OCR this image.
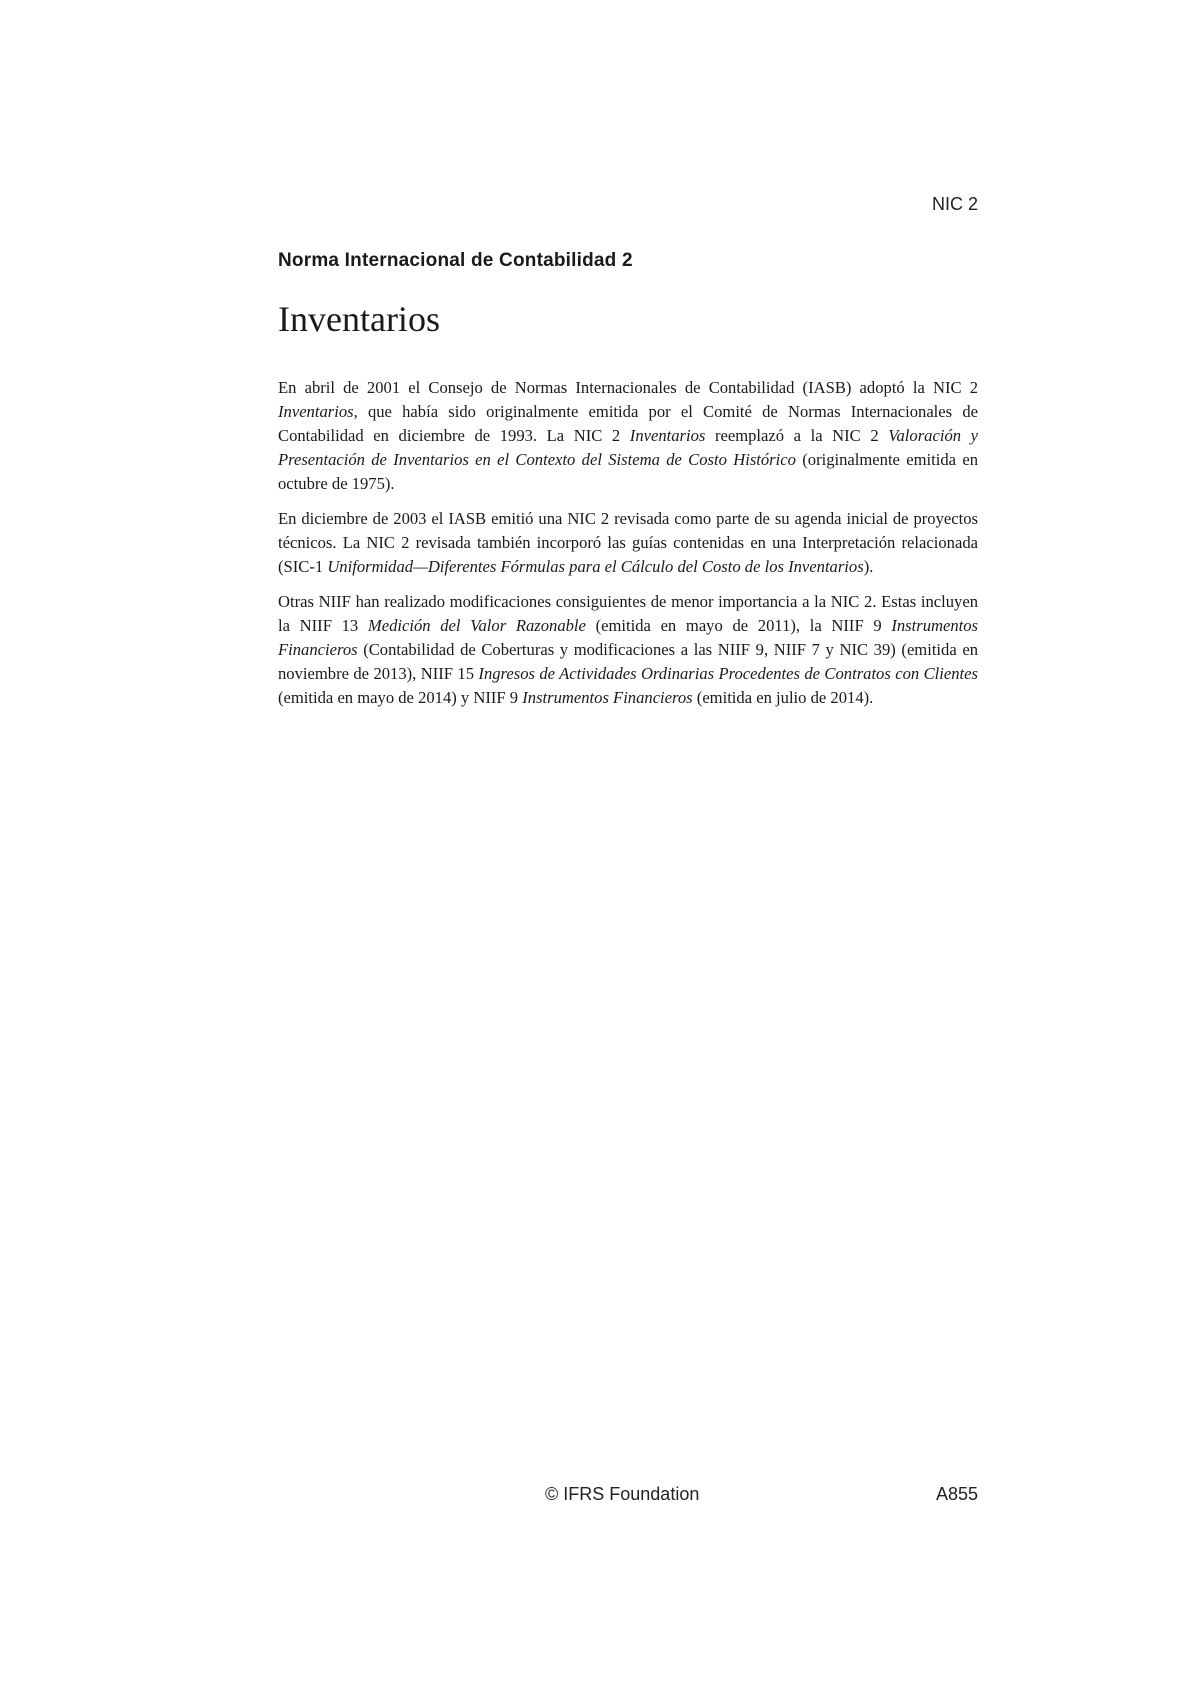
NIC 2
Norma Internacional de Contabilidad 2
Inventarios

En abril de 2001 el Consejo de Normas Internacionales de Contabilidad (IASB) adoptó la NIC 2 Inventarios, que había sido originalmente emitida por el Comité de Normas Internacionales de Contabilidad en diciembre de 1993. La NIC 2 Inventarios reemplazó a la NIC 2 Valoración y Presentación de Inventarios en el Contexto del Sistema de Costo Histórico (originalmente emitida en octubre de 1975).

En diciembre de 2003 el IASB emitió una NIC 2 revisada como parte de su agenda inicial de proyectos técnicos. La NIC 2 revisada también incorporó las guías contenidas en una Interpretación relacionada (SIC-1 Uniformidad—Diferentes Fórmulas para el Cálculo del Costo de los Inventarios).

Otras NIIF han realizado modificaciones consiguientes de menor importancia a la NIC 2. Estas incluyen la NIIF 13 Medición del Valor Razonable (emitida en mayo de 2011), la NIIF 9 Instrumentos Financieros (Contabilidad de Coberturas y modificaciones a las NIIF 9, NIIF 7 y NIC 39) (emitida en noviembre de 2013), NIIF 15 Ingresos de Actividades Ordinarias Procedentes de Contratos con Clientes (emitida en mayo de 2014) y NIIF 9 Instrumentos Financieros (emitida en julio de 2014).

© IFRS Foundation	A855
